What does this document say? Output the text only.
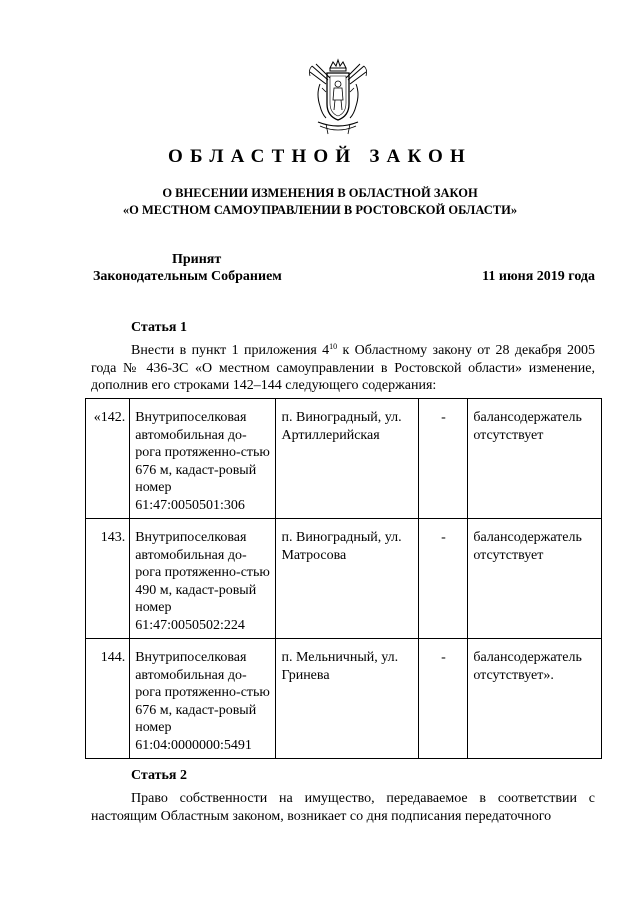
ОБЛАСТНОЙ ЗАКОН
О ВНЕСЕНИИ ИЗМЕНЕНИЯ В ОБЛАСТНОЙ ЗАКОН
«О МЕСТНОМ САМОУПРАВЛЕНИИ В РОСТОВСКОЙ ОБЛАСТИ»
Принят
Законодательным Собранием	11 июня 2019 года
Статья 1
Внести в пункт 1 приложения $4^{10}$ к Областному закону от 28 декабря 2005 года № 436-ЗС «О местном самоуправлении в Ростовской области» изменение, дополнив его строками 142–144 следующего содержания:
«142.	Внутрипоселковая автомобильная до-рога протяженно-стью 676 м, кадаст-ровый номер 61:47:0050501:306	п. Виноградный, ул. Артиллерийская	-	балансодержатель отсутствует
143.	Внутрипоселковая автомобильная до-рога протяженно-стью 490 м, кадаст-ровый номер 61:47:0050502:224	п. Виноградный, ул. Матросова	-	балансодержатель отсутствует
144.	Внутрипоселковая автомобильная до-рога протяженно-стью 676 м, кадаст-ровый номер 61:04:0000000:5491	п. Мельничный, ул. Гринева	-	балансодержатель отсутствует».
Статья 2
Право собственности на имущество, передаваемое в соответствии с настоящим Областным законом, возникает со дня подписания передаточного
